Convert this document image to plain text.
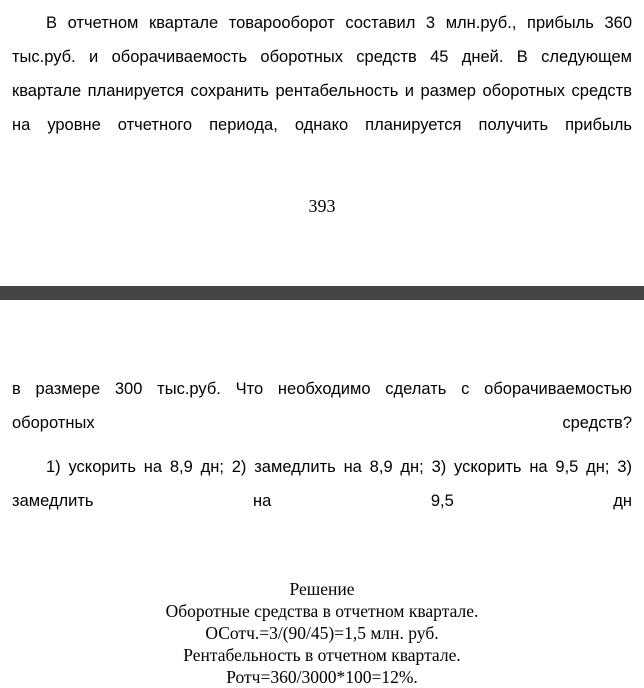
В отчетном квартале товарооборот составил 3 млн.руб., прибыль 360 тыс.руб. и оборачиваемость оборотных средств 45 дней. В следующем квартале планируется сохранить рентабельность и размер оборотных средств на уровне отчетного периода, однако планируется получить прибыль

393

в размере 300 тыс.руб. Что необходимо сделать с оборачиваемостью оборотных средств?

1) ускорить на 8,9 дн; 2) замедлить на 8,9 дн; 3) ускорить на 9,5 дн; 3) замедлить на 9,5 дн

Решение
Оборотные средства в отчетном квартале.
ОСотч.=3/(90/45)=1,5 млн. руб.
Рентабельность в отчетном квартале.
Ротч=360/3000*100=12%.
